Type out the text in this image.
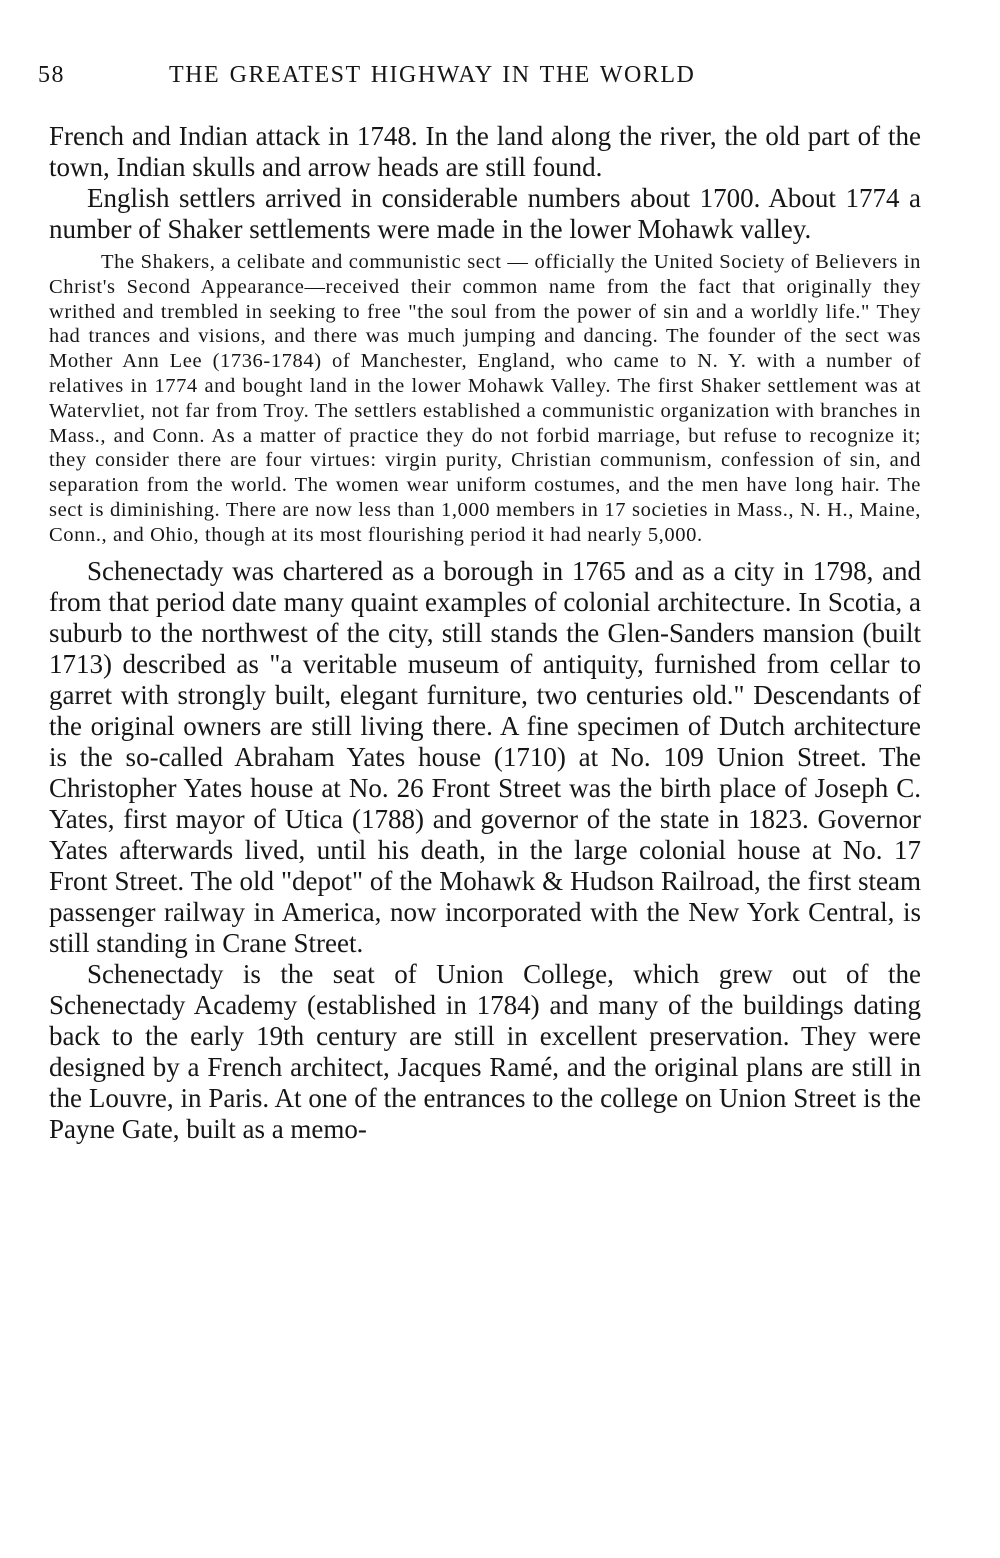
58	THE GREATEST HIGHWAY IN THE WORLD

French and Indian attack in 1748. In the land along the river, the old part of the town, Indian skulls and arrow heads are still found.

English settlers arrived in considerable numbers about 1700. About 1774 a number of Shaker settlements were made in the lower Mohawk valley.

The Shakers, a celibate and communistic sect — officially the United Society of Believers in Christ's Second Appearance—received their common name from the fact that originally they writhed and trembled in seeking to free "the soul from the power of sin and a worldly life." They had trances and visions, and there was much jumping and dancing. The founder of the sect was Mother Ann Lee (1736-1784) of Manchester, England, who came to N. Y. with a number of relatives in 1774 and bought land in the lower Mohawk Valley. The first Shaker settlement was at Watervliet, not far from Troy. The settlers established a communistic organization with branches in Mass., and Conn. As a matter of practice they do not forbid marriage, but refuse to recognize it; they consider there are four virtues: virgin purity, Christian communism, confession of sin, and separation from the world. The women wear uniform costumes, and the men have long hair. The sect is diminishing. There are now less than 1,000 members in 17 societies in Mass., N. H., Maine, Conn., and Ohio, though at its most flourishing period it had nearly 5,000.

Schenectady was chartered as a borough in 1765 and as a city in 1798, and from that period date many quaint examples of colonial architecture. In Scotia, a suburb to the northwest of the city, still stands the Glen-Sanders mansion (built 1713) described as "a veritable museum of antiquity, furnished from cellar to garret with strongly built, elegant furniture, two centuries old." Descendants of the original owners are still living there. A fine specimen of Dutch architecture is the so-called Abraham Yates house (1710) at No. 109 Union Street. The Christopher Yates house at No. 26 Front Street was the birth place of Joseph C. Yates, first mayor of Utica (1788) and governor of the state in 1823. Governor Yates afterwards lived, until his death, in the large colonial house at No. 17 Front Street. The old "depot" of the Mohawk & Hudson Railroad, the first steam passenger railway in America, now incorporated with the New York Central, is still standing in Crane Street.

Schenectady is the seat of Union College, which grew out of the Schenectady Academy (established in 1784) and many of the buildings dating back to the early 19th century are still in excellent preservation. They were designed by a French architect, Jacques Ramé, and the original plans are still in the Louvre, in Paris. At one of the entrances to the college on Union Street is the Payne Gate, built as a memo-
